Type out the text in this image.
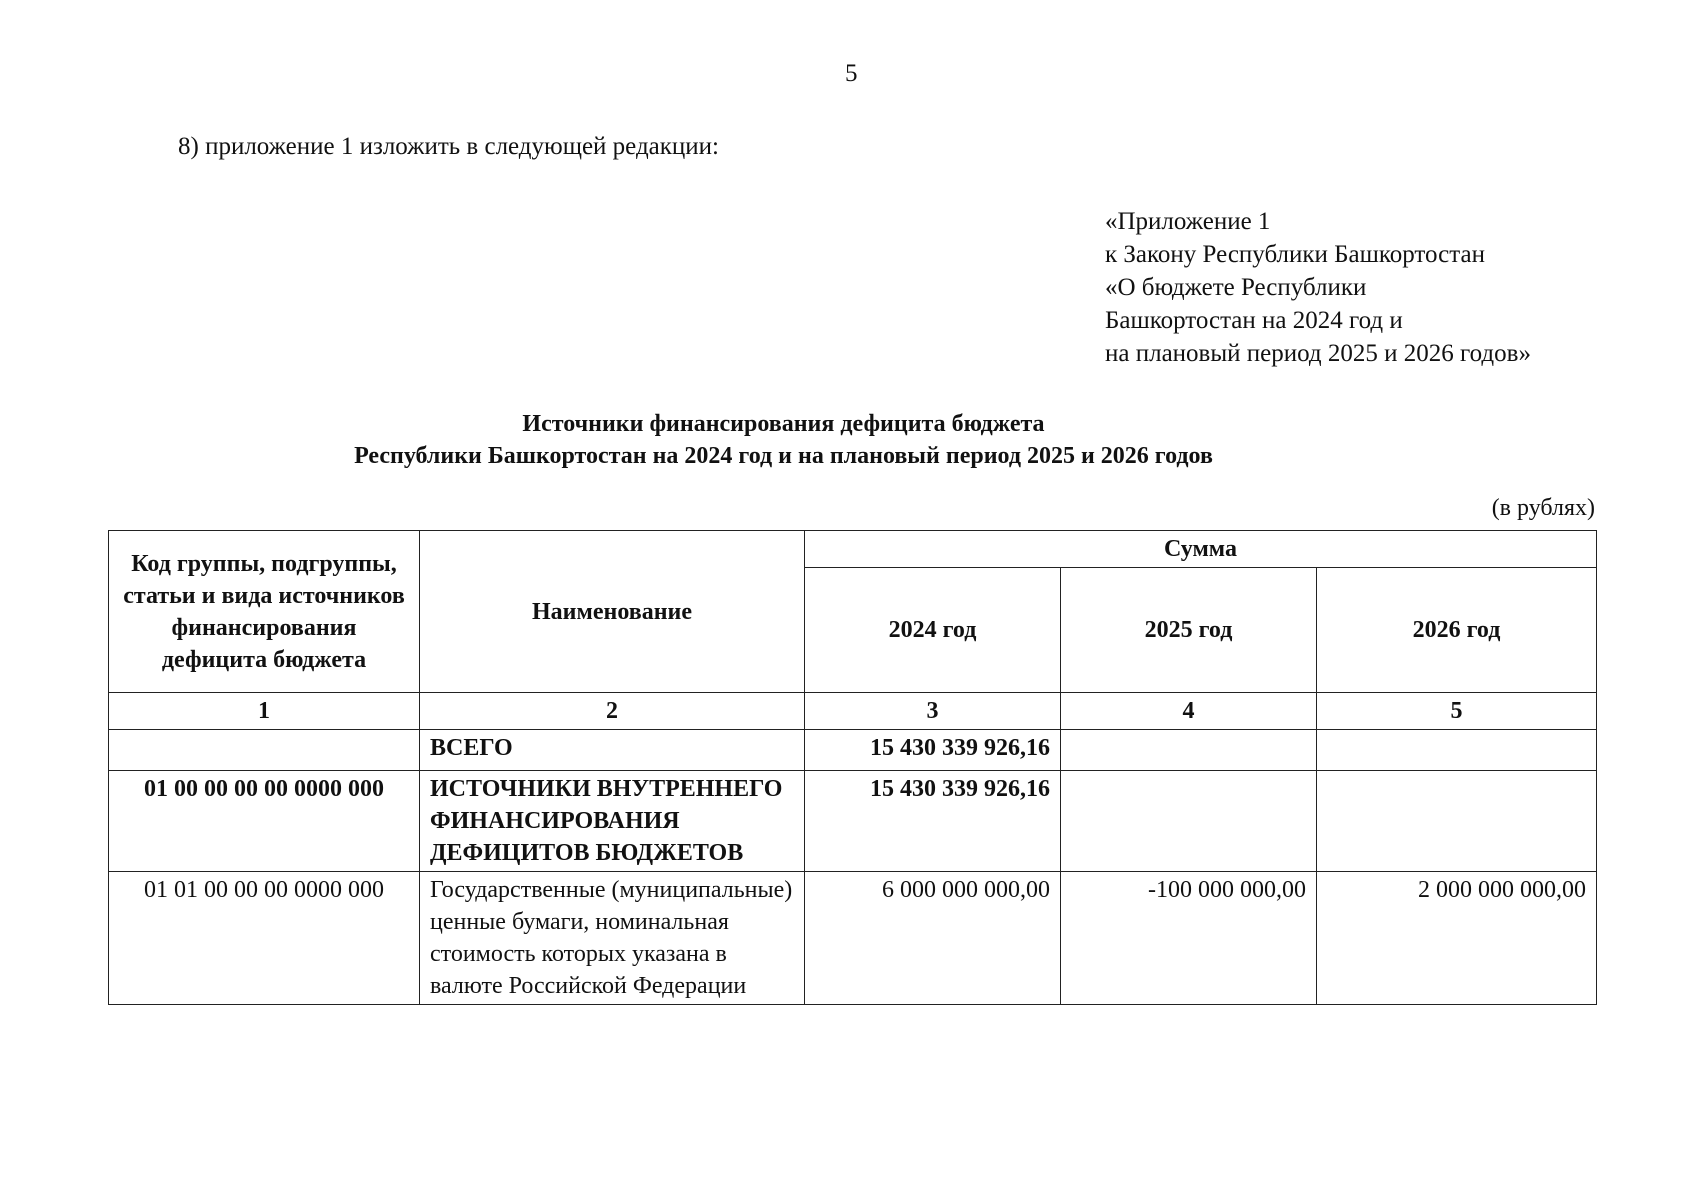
5
8) приложение 1 изложить в следующей редакции:
«Приложение 1
к Закону Республики Башкортостан
«О бюджете Республики
Башкортостан на 2024 год и
на плановый период 2025 и 2026 годов»
Источники финансирования дефицита бюджета
Республики Башкортостан на 2024 год и на плановый период 2025 и 2026 годов
(в рублях)
Код группы, подгруппы, статьи и вида источников финансирования дефицита бюджета	Наименование	Сумма		
		2024 год	2025 год	2026 год
1	2	3	4	5
	ВСЕГО	15 430 339 926,16		
01 00 00 00 00 0000 000	ИСТОЧНИКИ ВНУТРЕННЕГО ФИНАНСИРОВАНИЯ ДЕФИЦИТОВ БЮДЖЕТОВ	15 430 339 926,16		
01 01 00 00 00 0000 000	Государственные (муниципальные) ценные бумаги, номинальная стоимость которых указана в валюте Российской Федерации	6 000 000 000,00	-100 000 000,00	2 000 000 000,00
